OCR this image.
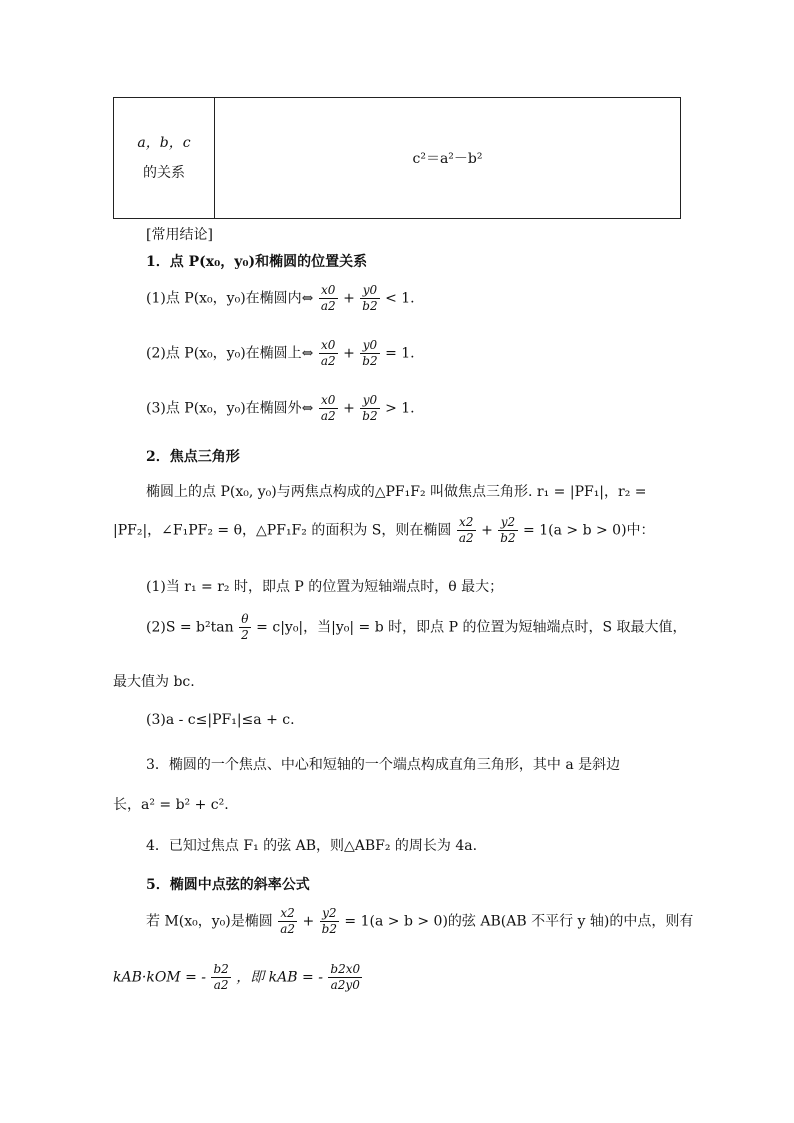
a，b，c
的关系
c²＝a²－b²
[常用结论]
1．点 P(x₀，y₀)和椭圆的位置关系
(1)点 P(x₀，y₀)在椭圆内⇔ $\frac{x0}{a2} + \frac{y0}{b2} < 1$.
(2)点 P(x₀，y₀)在椭圆上⇔ $\frac{x0}{a2} + \frac{y0}{b2} = 1$.
(3)点 P(x₀，y₀)在椭圆外⇔ $\frac{x0}{a2} + \frac{y0}{b2} > 1$.
2．焦点三角形
椭圆上的点 P(x₀, y₀)与两焦点构成的△PF₁F₂ 叫做焦点三角形. r₁ = |PF₁|，r₂ =
|PF₂|，∠F₁PF₂ = θ，△PF₁F₂ 的面积为 S，则在椭圆 $\frac{x2}{a2} + \frac{y2}{b2} = 1(a > b > 0)$中：
(1)当 r₁ = r₂ 时，即点 P 的位置为短轴端点时，θ 最大；
$(2)S = b^2\tan \frac{\theta}{2} = c|y_0|$，当|y₀| = b 时，即点 P 的位置为短轴端点时，S 取最大值，
最大值为 bc.
(3)a - c≤|PF₁|≤a + c.
3．椭圆的一个焦点、中心和短轴的一个端点构成直角三角形，其中 a 是斜边
长，a² = b² + c².
4．已知过焦点 F₁ 的弦 AB，则△ABF₂ 的周长为 4a.
5．椭圆中点弦的斜率公式
若 M(x₀，y₀)是椭圆 $\frac{x2}{a2} + \frac{y2}{b2} = 1(a > b > 0)$的弦 AB(AB 不平行 y 轴)的中点，则有
kAB·kOM = - $\frac{b2}{a2}$ ，即 kAB = - $\frac{b2x0}{a2y0}$
